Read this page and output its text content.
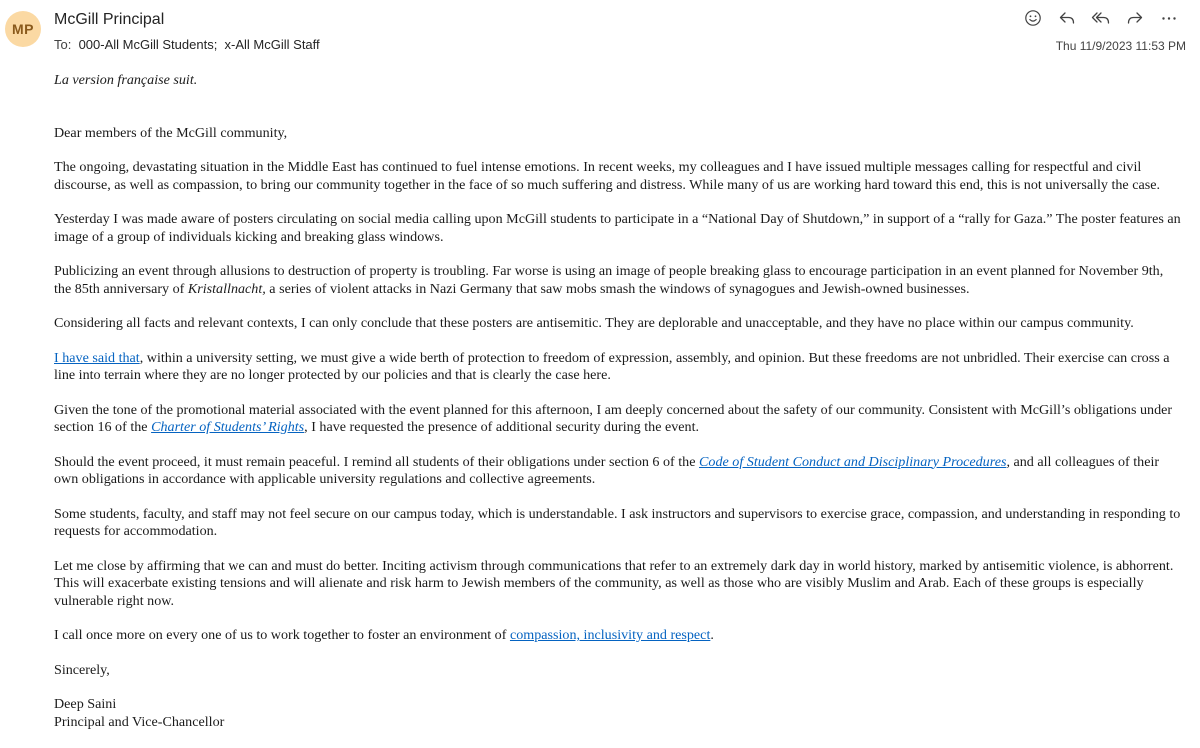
MP
McGill Principal
To: 000-All McGill Students; x-All McGill Staff	Thu 11/9/2023 11:53 PM

La version française suit.

Dear members of the McGill community,

The ongoing, devastating situation in the Middle East has continued to fuel intense emotions. In recent weeks, my colleagues and I have issued multiple messages calling for respectful and civil discourse, as well as compassion, to bring our community together in the face of so much suffering and distress. While many of us are working hard toward this end, this is not universally the case.

Yesterday I was made aware of posters circulating on social media calling upon McGill students to participate in a “National Day of Shutdown,” in support of a “rally for Gaza.” The poster features an image of a group of individuals kicking and breaking glass windows.

Publicizing an event through allusions to destruction of property is troubling. Far worse is using an image of people breaking glass to encourage participation in an event planned for November 9th, the 85th anniversary of Kristallnacht, a series of violent attacks in Nazi Germany that saw mobs smash the windows of synagogues and Jewish-owned businesses.

Considering all facts and relevant contexts, I can only conclude that these posters are antisemitic. They are deplorable and unacceptable, and they have no place within our campus community.

I have said that, within a university setting, we must give a wide berth of protection to freedom of expression, assembly, and opinion. But these freedoms are not unbridled. Their exercise can cross a line into terrain where they are no longer protected by our policies and that is clearly the case here.

Given the tone of the promotional material associated with the event planned for this afternoon, I am deeply concerned about the safety of our community. Consistent with McGill’s obligations under section 16 of the Charter of Students’ Rights, I have requested the presence of additional security during the event.

Should the event proceed, it must remain peaceful. I remind all students of their obligations under section 6 of the Code of Student Conduct and Disciplinary Procedures, and all colleagues of their own obligations in accordance with applicable university regulations and collective agreements.

Some students, faculty, and staff may not feel secure on our campus today, which is understandable. I ask instructors and supervisors to exercise grace, compassion, and understanding in responding to requests for accommodation.

Let me close by affirming that we can and must do better. Inciting activism through communications that refer to an extremely dark day in world history, marked by antisemitic violence, is abhorrent. This will exacerbate existing tensions and will alienate and risk harm to Jewish members of the community, as well as those who are visibly Muslim and Arab. Each of these groups is especially vulnerable right now.

I call once more on every one of us to work together to foster an environment of compassion, inclusivity and respect.

Sincerely,

Deep Saini
Principal and Vice-Chancellor
